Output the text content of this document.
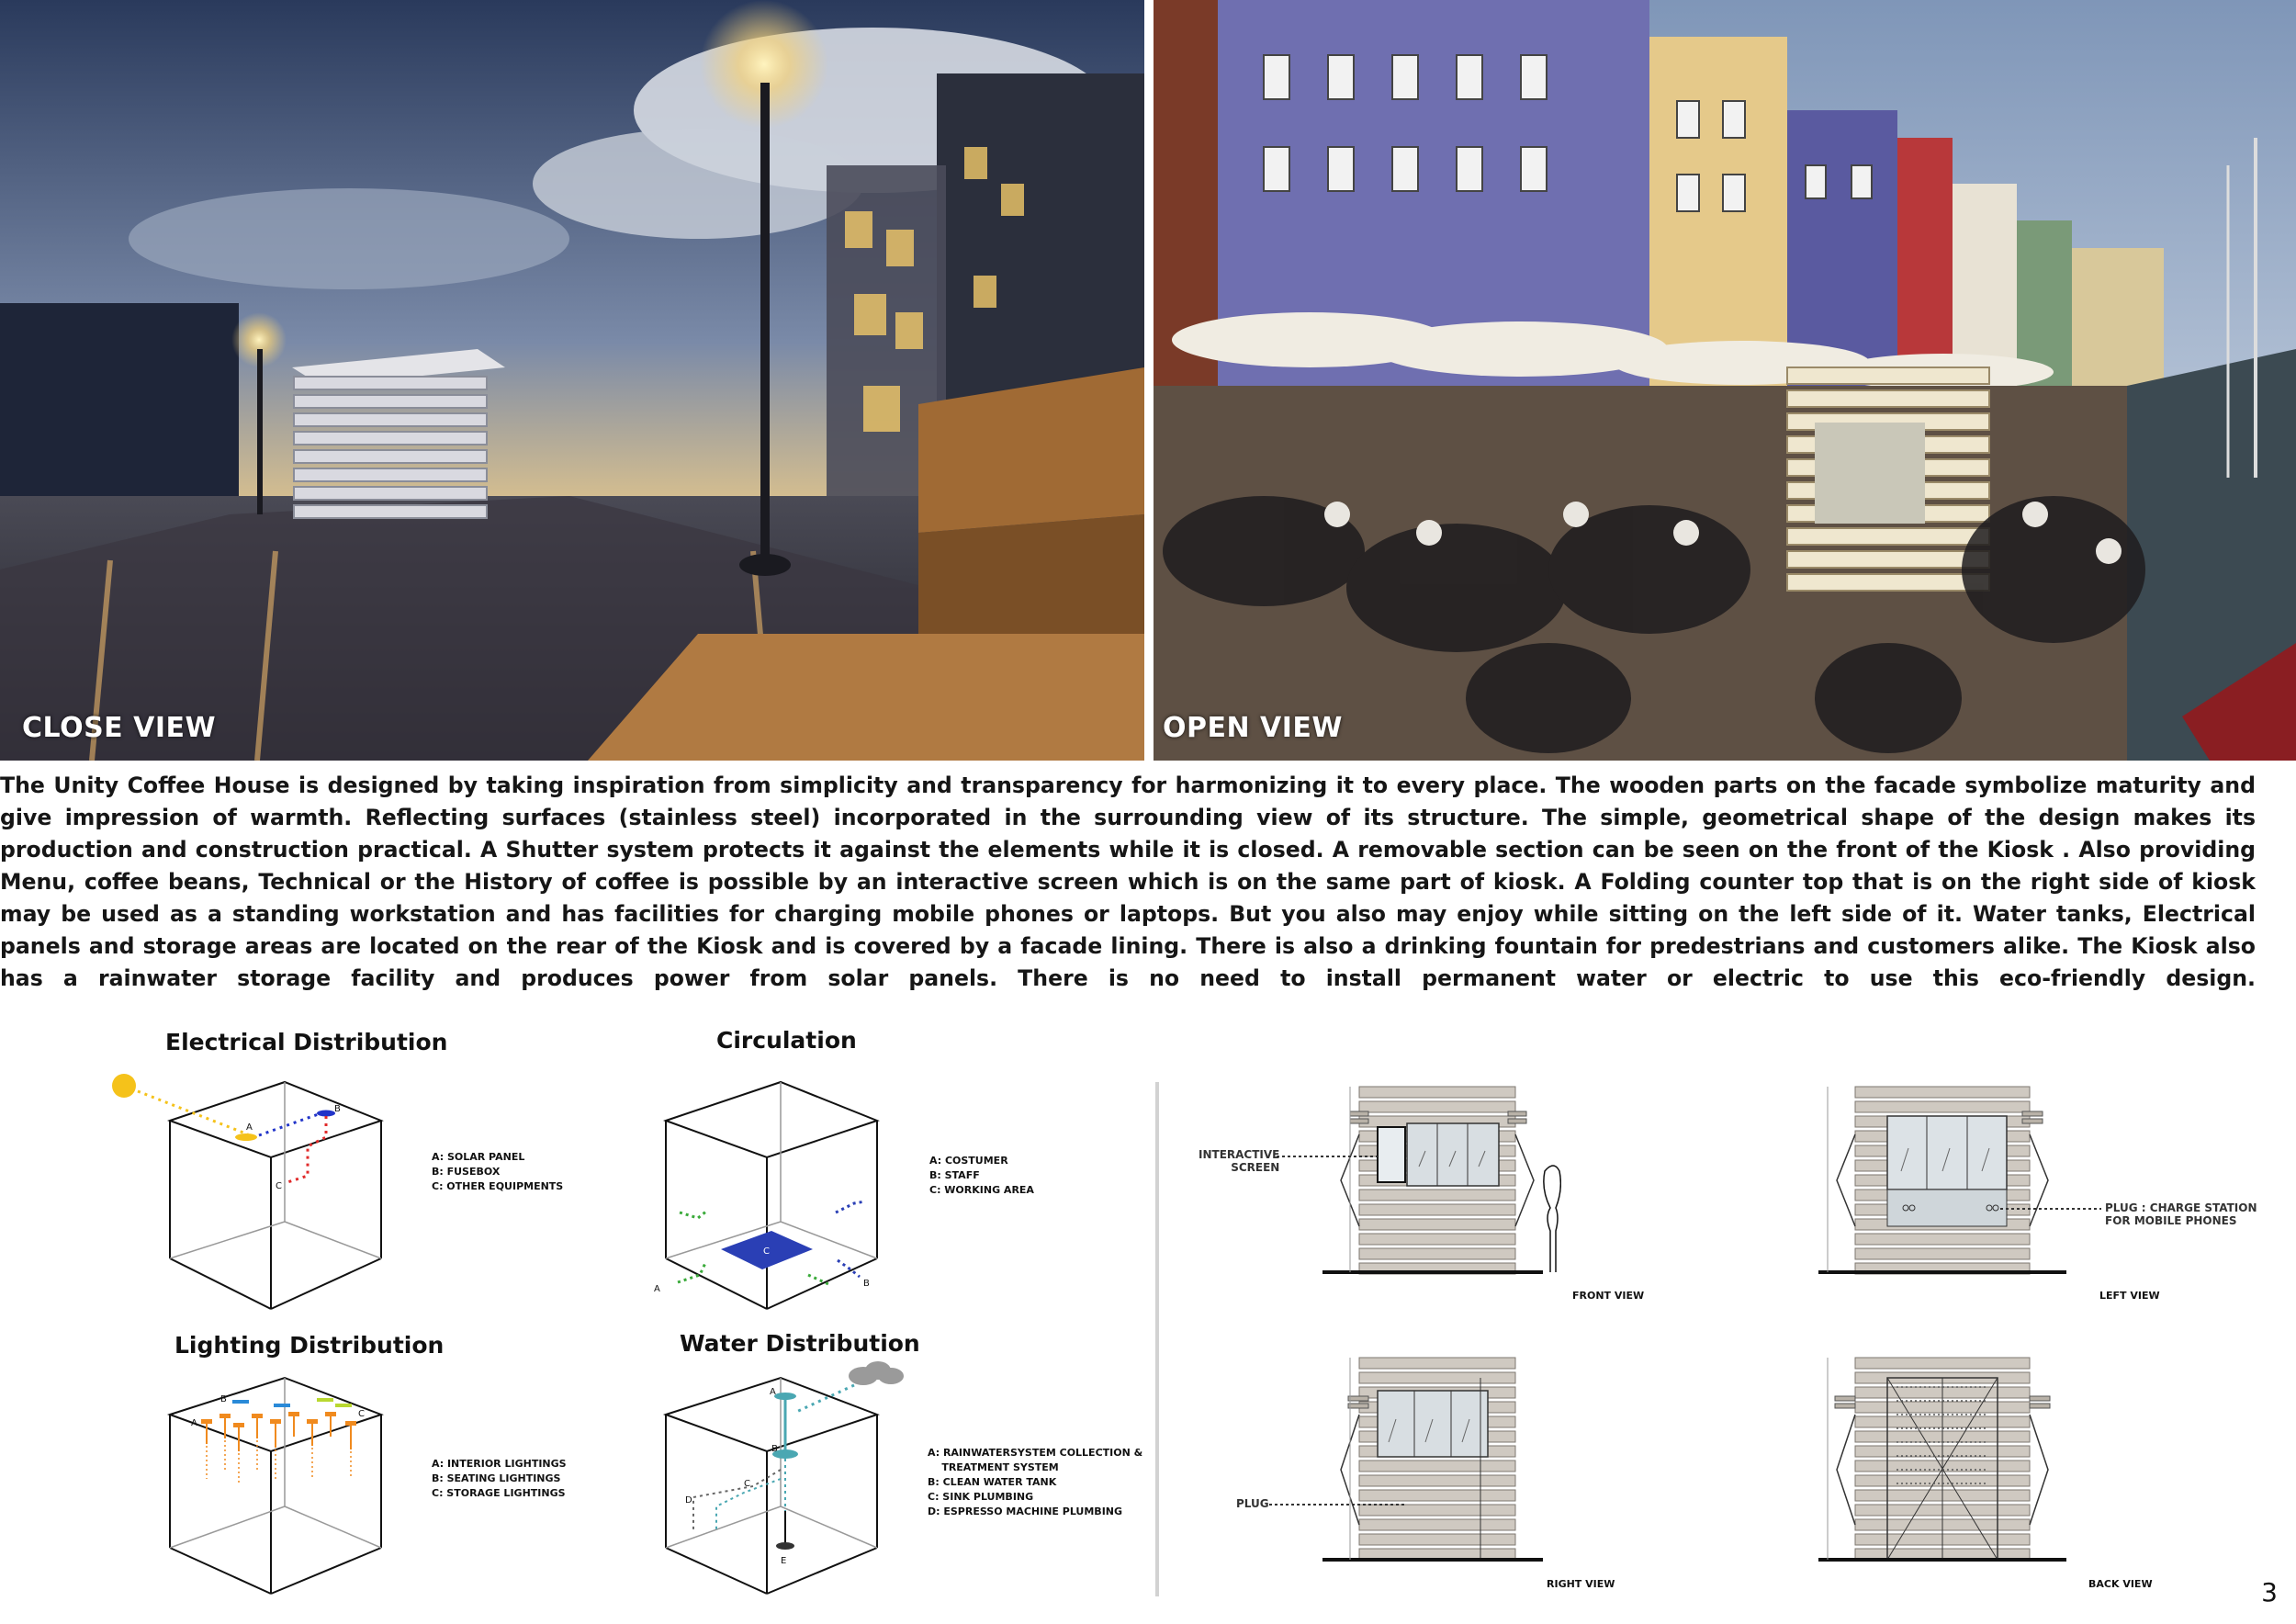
CLOSE VIEW	OPEN VIEW

The Unity Coffee House is designed by taking inspiration from simplicity and transparency for harmonizing it to every place. The wooden parts on the facade symbolize maturity and give impression of warmth. Reflecting surfaces (stainless steel) incorporated in the surrounding view of its structure. The simple, geometrical shape of the design makes its production and construction practical. A Shutter system protects it against the elements while it is closed. A removable section can be seen on the front of the Kiosk . Also providing Menu, coffee beans, Technical or the History of coffee is possible by an interactive screen which is on the same part of kiosk. A Folding counter top that is on the right side of kiosk may be used as a standing workstation and has facilities for charging mobile phones or laptops. But you also may enjoy while sitting on the left side of it. Water tanks, Electrical panels and storage areas are located on the rear of the Kiosk and is covered by a facade lining. There is also a drinking fountain for predestrians and customers alike. The Kiosk also has a rainwater storage facility and produces power from solar panels. There is no need to install permanent water or electric to use this eco-friendly design.

Electrical Distribution
A
B
C
A: SOLAR PANEL
B: FUSEBOX
C: OTHER EQUIPMENTS
Circulation
C
A
B
A: COSTUMER
B: STAFF
C: WORKING AREA
Lighting Distribution
A
B
C
A: INTERIOR LIGHTINGS
B: SEATING LIGHTINGS
C: STORAGE LIGHTINGS
Water Distribution
A
B
C
D
E
A: RAINWATERSYSTEM COLLECTION &
TREATMENT SYSTEM
B: CLEAN WATER TANK
C: SINK PLUMBING
D: ESPRESSO MACHINE PLUMBING
INTERACTIVE
SCREEN
FRONT VIEW
PLUG : CHARGE STATION
FOR MOBILE PHONES
LEFT VIEW
PLUG
RIGHT VIEW	BACK VIEW	3
